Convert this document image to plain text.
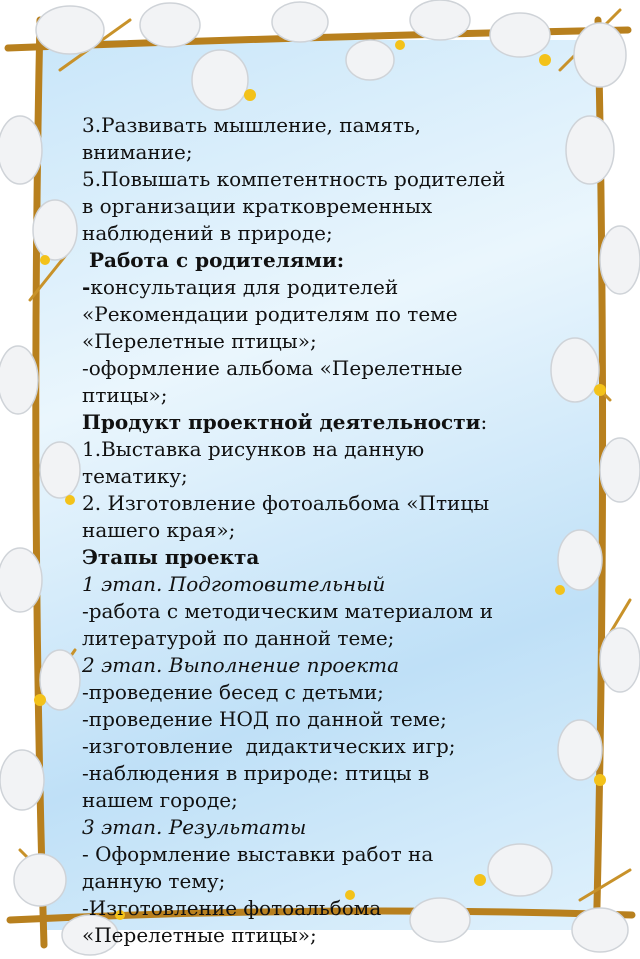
3.Развивать мышление, память,

внимание;

5.Повышать компетентность родителей

в организации кратковременных

наблюдений в природе;

Работа с родителями:

-консультация для родителей

«Рекомендации родителям по теме

«Перелетные птицы»;

-оформление альбома «Перелетные

птицы»;

Продукт проектной деятельности:

1.Выставка рисунков на данную

тематику;

2. Изготовление фотоальбома «Птицы

нашего края»;

Этапы проекта

1 этап. Подготовительный

-работа с методическим материалом и

литературой по данной теме;

2 этап. Выполнение проекта

-проведение бесед с детьми;

-проведение НОД по данной теме;

-изготовление  дидактических игр;

-наблюдения в природе: птицы в

нашем городе;

3 этап. Результаты

- Оформление выставки работ на

данную тему;

-Изготовление фотоальбома

«Перелетные птицы»;
